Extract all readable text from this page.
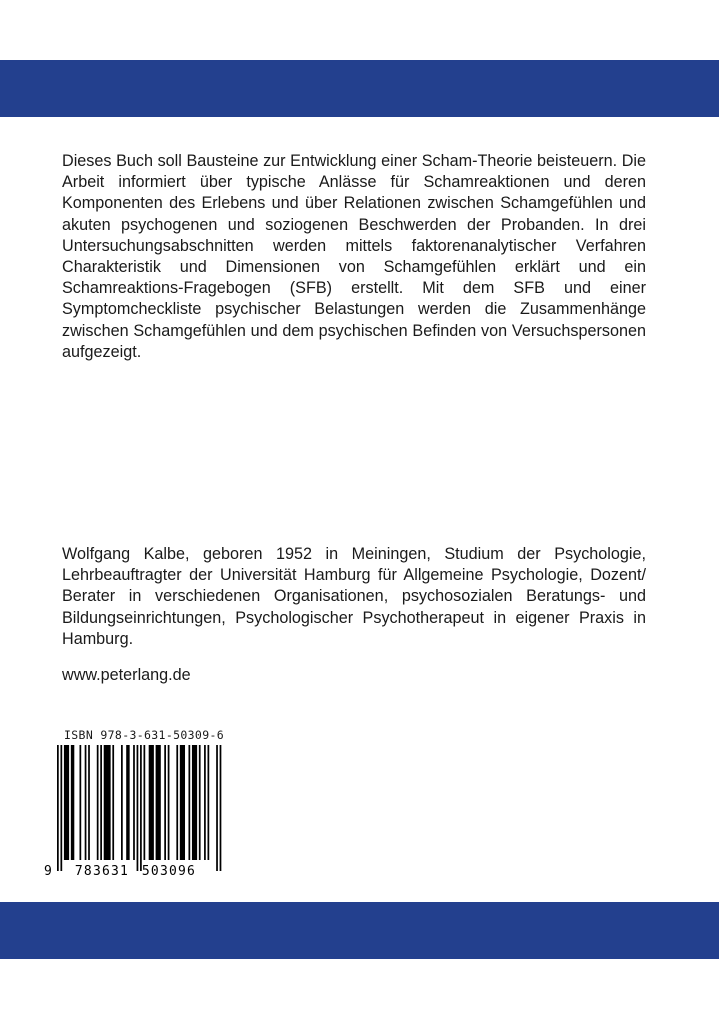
Dieses Buch soll Bausteine zur Entwicklung einer Scham-Theorie beisteuern. Die Arbeit informiert über typische Anlässe für Schamreaktionen und deren Komponenten des Erlebens und über Relationen zwischen Schamgefühlen und akuten psychogenen und soziogenen Beschwerden der Probanden. In drei Untersuchungsabschnitten werden mittels faktorenanalytischer Verfahren Charakteristik und Dimensionen von Schamgefühlen erklärt und ein Schamreaktions-Fragebogen (SFB) erstellt. Mit dem SFB und einer Symptomcheckliste psychischer Belastungen werden die Zusammenhänge zwischen Schamgefühlen und dem psychischen Befinden von Versuchspersonen aufgezeigt.
Wolfgang Kalbe, geboren 1952 in Meiningen, Studium der Psychologie, Lehrbeauftragter der Universität Hamburg für Allgemeine Psychologie, Dozent/ Berater in verschiedenen Organisationen, psychosozialen Beratungs- und Bildungseinrichtungen, Psychologischer Psychotherapeut in eigener Praxis in Hamburg.
www.peterlang.de
ISBN 978-3-631-50309-6
9 783631 503096
